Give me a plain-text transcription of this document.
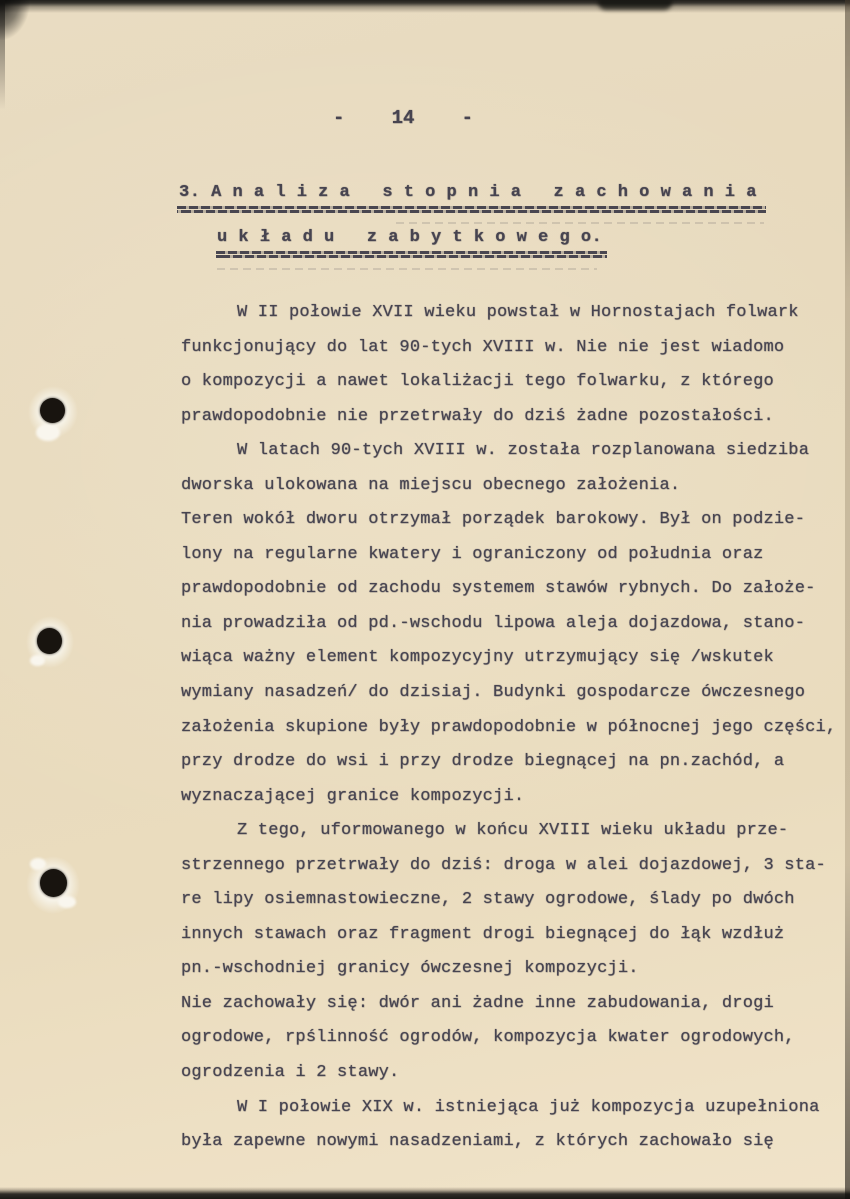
- 14 -
3. A n a l i z a   s t o p n i a   z a c h o w a n i a
u k ł a d u   z a b y t k o w e g o.
W II połowie XVII wieku powstał w Hornostajach folwark
funkcjonujący do lat 90-tych XVIII w. Nie nie jest wiadomo
o kompozycji a nawet lokaliżacji tego folwarku, z którego
prawdopodobnie nie przetrwały do dziś żadne pozostałości.
W latach 90-tych XVIII w. została rozplanowana siedziba
dworska ulokowana na miejscu obecnego założenia.
Teren wokół dworu otrzymał porządek barokowy. Był on podzie-
lony na regularne kwatery i ograniczony od południa oraz
prawdopodobnie od zachodu systemem stawów rybnych. Do założe-
nia prowadziła od pd.-wschodu lipowa aleja dojazdowa, stano-
wiąca ważny element kompozycyjny utrzymujący się /wskutek
wymiany nasadzeń/ do dzisiaj. Budynki gospodarcze ówczesnego
założenia skupione były prawdopodobnie w północnej jego części,
przy drodze do wsi i przy drodze biegnącej na pn.zachód, a
wyznaczającej granice kompozycji.
Z tego, uformowanego w końcu XVIII wieku układu prze-
strzennego przetrwały do dziś: droga w alei dojazdowej, 3 sta-
re lipy osiemnastowieczne, 2 stawy ogrodowe, ślady po dwóch
innych stawach oraz fragment drogi biegnącej do łąk wzdłuż
pn.-wschodniej granicy ówczesnej kompozycji.
Nie zachowały się: dwór ani żadne inne zabudowania, drogi
ogrodowe, rpślinność ogrodów, kompozycja kwater ogrodowych,
ogrodzenia i 2 stawy.
W I połowie XIX w. istniejąca już kompozycja uzupełniona
była zapewne nowymi nasadzeniami, z których zachowało się
